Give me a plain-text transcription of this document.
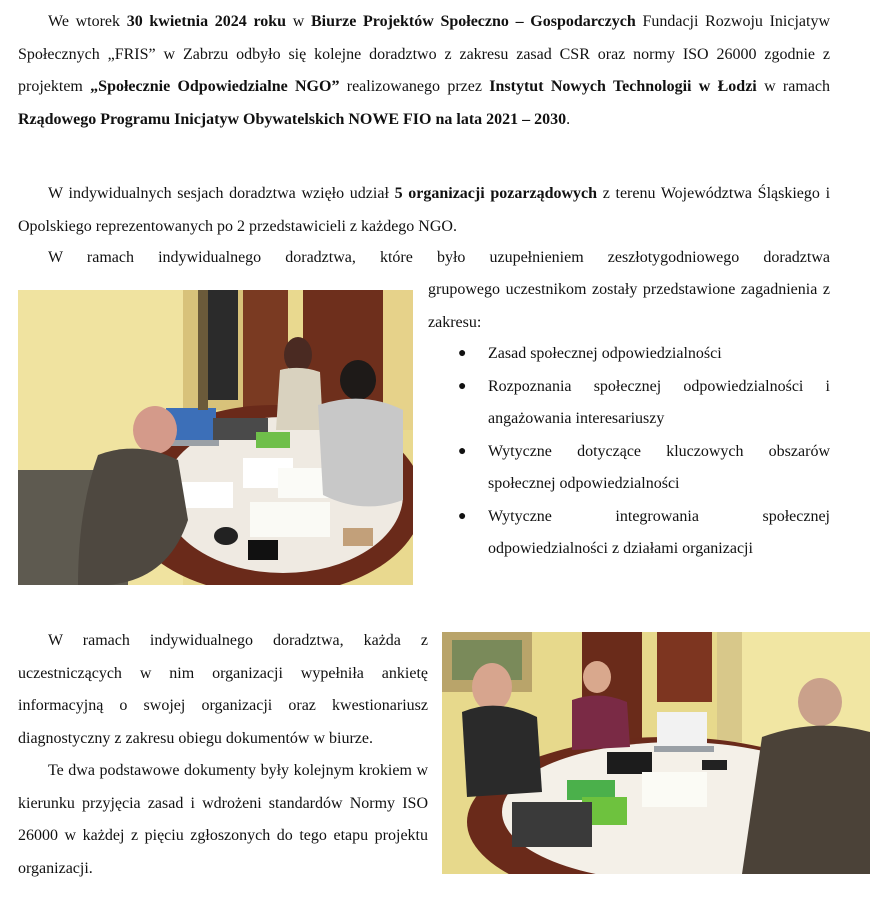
We wtorek 30 kwietnia 2024 roku w Biurze Projektów Społeczno – Gospodarczych Fundacji Rozwoju Inicjatyw Społecznych „FRIS” w Zabrzu odbyło się kolejne doradztwo z zakresu zasad CSR oraz normy ISO 26000 zgodnie z projektem „Społecznie Odpowiedzialne NGO” realizowanego przez Instytut Nowych Technologii w Łodzi w ramach Rządowego Programu Inicjatyw Obywatelskich NOWE FIO na lata 2021 – 2030.

W indywidualnych sesjach doradztwa wzięło udział 5 organizacji pozarządowych z terenu Województwa Śląskiego i Opolskiego reprezentowanych po 2 przedstawicieli z każdego NGO.

W ramach indywidualnego doradztwa, które było uzupełnieniem zeszłotygodniowego doradztwa

grupowego uczestnikom zostały przedstawione zagadnienia z zakresu:

● Zasad społecznej odpowiedzialności
● Rozpoznania społecznej odpowiedzialności i angażowania interesariuszy
● Wytyczne dotyczące kluczowych obszarów społecznej odpowiedzialności
● Wytyczne integrowania społecznej odpowiedzialności z działami organizacji

W ramach indywidualnego doradztwa, każda z uczestniczących w nim organizacji wypełniła ankietę informacyjną o swojej organizacji oraz kwestionariusz diagnostyczny z zakresu obiegu dokumentów w biurze.

Te dwa podstawowe dokumenty były kolejnym krokiem w kierunku przyjęcia zasad i wdrożeni standardów Normy ISO 26000 w każdej z pięciu zgłoszonych do tego etapu projektu organizacji.
